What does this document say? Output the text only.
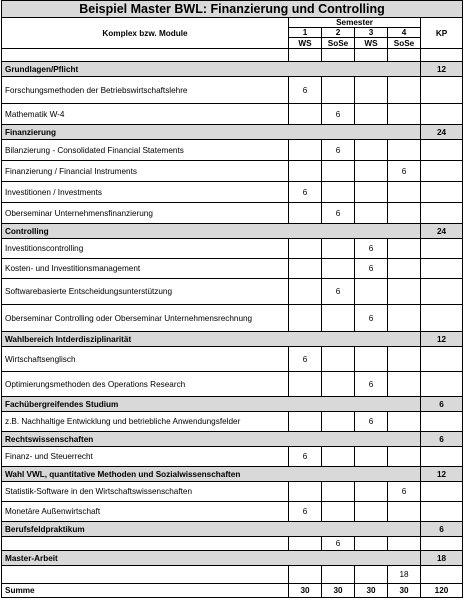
Beispiel Master BWL: Finanzierung und Controlling					
Komplex bzw. Module	Semester				KP
	1	2	3	4	
	WS	SoSe	WS	SoSe	

Grundlagen/Pflicht					12
Forschungsmethoden der Betriebswirtschaftslehre	6				
Mathematik W-4		6			
Finanzierung					24
Bilanzierung - Consolidated Financial Statements		6			
Finanzierung / Financial Instruments				6	
Investitionen / Investments	6				
Oberseminar Unternehmensfinanzierung		6			
Controlling					24
Investitionscontrolling			6		
Kosten- und Investitionsmanagement			6		
Softwarebasierte Entscheidungsunterstützung		6			
Oberseminar Controlling oder Oberseminar Unternehmensrechnung			6		
Wahlbereich Intderdisziplinarität					12
Wirtschaftsenglisch	6				
Optimierungsmethoden des Operations Research			6		
Fachübergreifendes Studium					6
z.B. Nachhaltige Entwicklung und betriebliche Anwendungsfelder			6		
Rechtswissenschaften					6
Finanz- und Steuerrecht	6				
Wahl VWL, quantitative Methoden und Sozialwissenschaften					12
Statistik-Software in den Wirtschaftswissenschaften				6	
Monetäre Außenwirtschaft	6				
Berufsfeldpraktikum					6
		6			
Master-Arbeit					18
				18	
Summe	30	30	30	30	120
